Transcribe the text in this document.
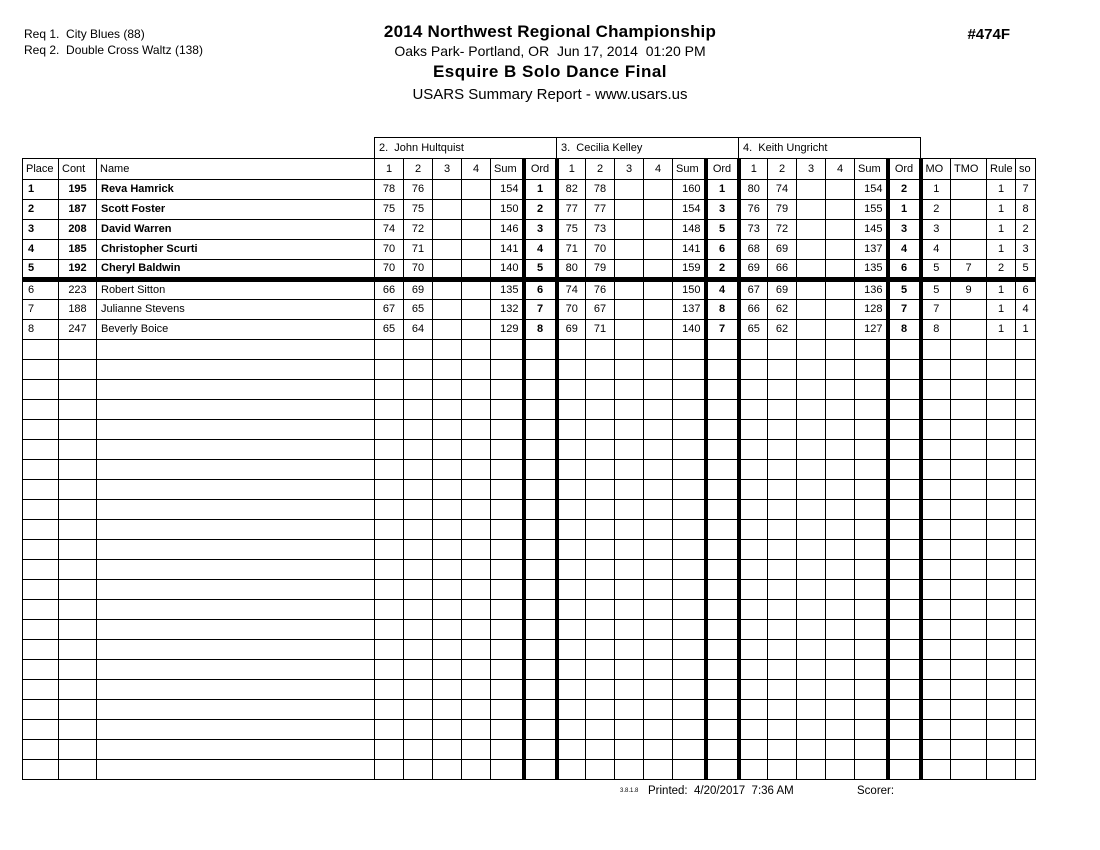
Req 1.  City Blues (88)
Req 2.  Double Cross Waltz (138)
2014 Northwest Regional Championship
Oaks Park- Portland, OR  Jun 17, 2014  01:20 PM
Esquire B Solo Dance Final
USARS Summary Report - www.usars.us
#474F
			2.  John Hultquist						3.  Cecilia Kelley						4.  Keith Ungricht									
Place	Cont	Name	1	2	3	4	Sum	Ord	1	2	3	4	Sum	Ord	1	2	3	4	Sum	Ord	MO	TMO	Rule	so
1	195	Reva Hamrick	78	76			154	1	82	78			160	1	80	74			154	2	1		1	7
2	187	Scott Foster	75	75			150	2	77	77			154	3	76	79			155	1	2		1	8
3	208	David Warren	74	72			146	3	75	73			148	5	73	72			145	3	3		1	2
4	185	Christopher Scurti	70	71			141	4	71	70			141	6	68	69			137	4	4		1	3
5	192	Cheryl Baldwin	70	70			140	5	80	79			159	2	69	66			135	6	5	7	2	5
6	223	Robert Sitton	66	69			135	6	74	76			150	4	67	69			136	5	5	9	1	6
7	188	Julianne Stevens	67	65			132	7	70	67			137	8	66	62			128	7	7		1	4
8	247	Beverly Boice	65	64			129	8	69	71			140	7	65	62			127	8	8		1	1

3.8.1.8 Printed: 4/20/2017  7:36 AM	Scorer:
